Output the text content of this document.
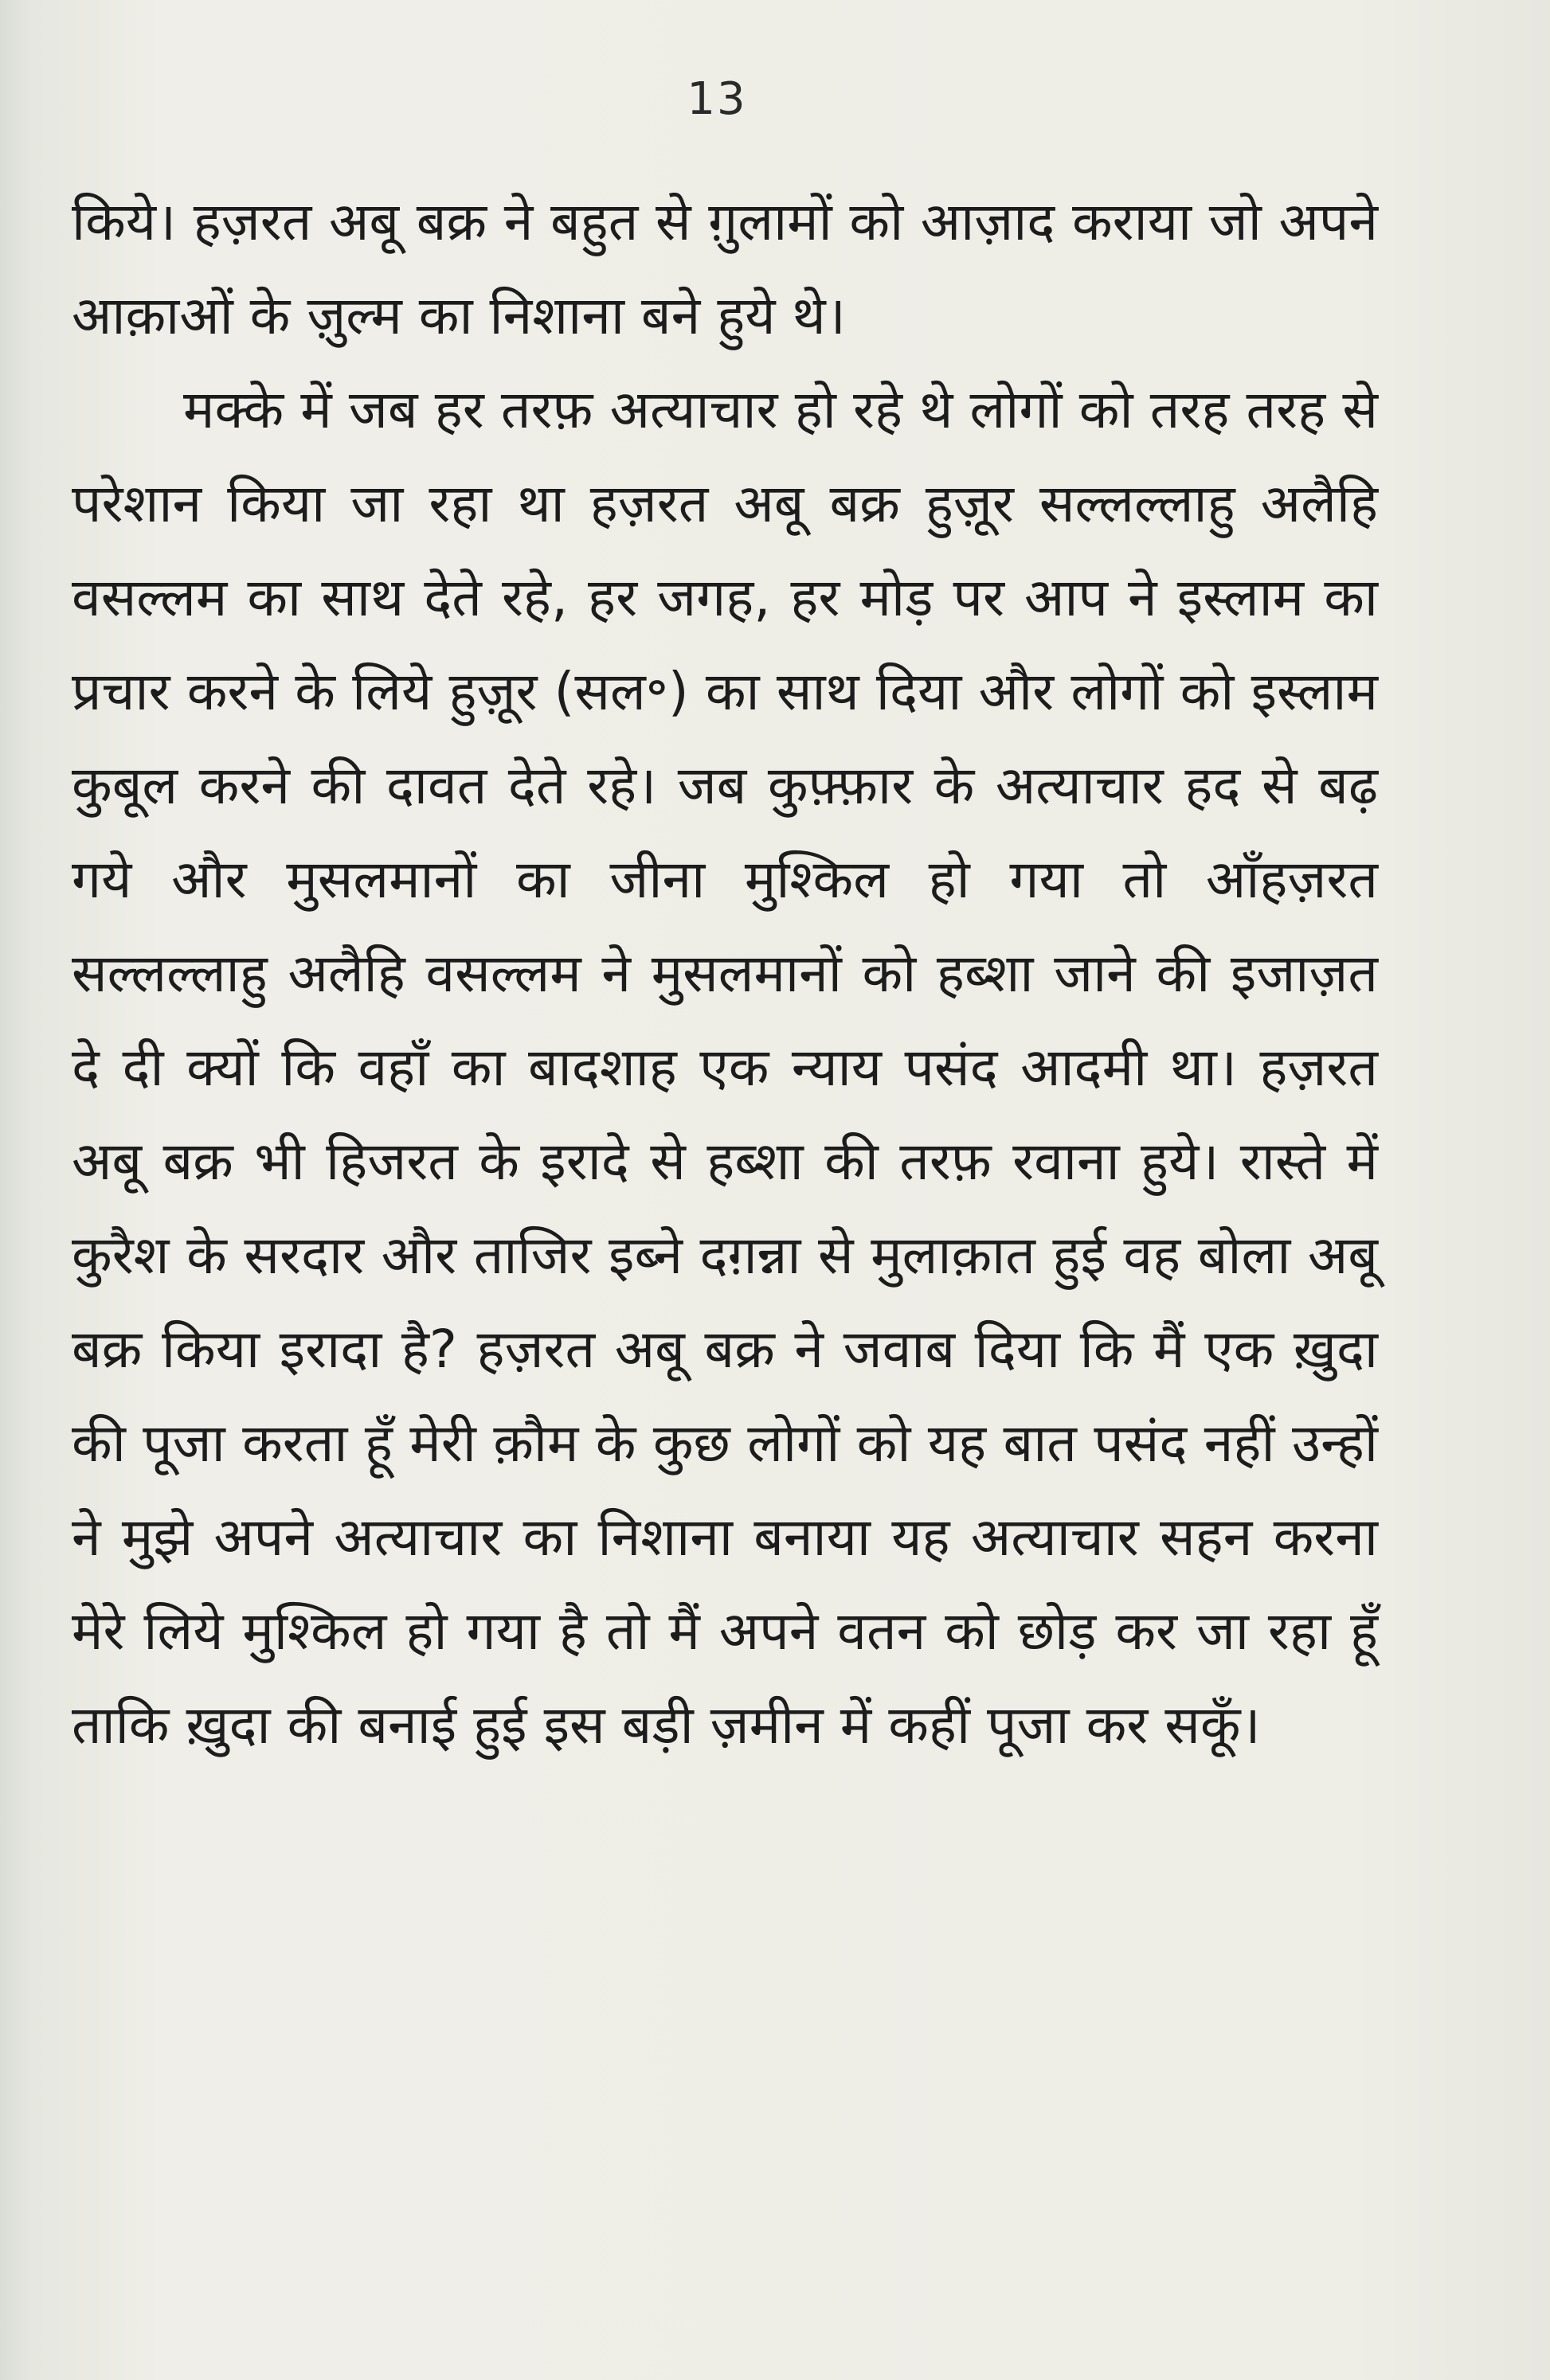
13

किये। हज़रत अबू बक्र ने बहुत से ग़ुलामों को आज़ाद कराया जो अपने आक़ाओं के ज़ुल्म का निशाना बने हुये थे।

मक्के में जब हर तरफ़ अत्याचार हो रहे थे लोगों को तरह तरह से परेशान किया जा रहा था हज़रत अबू बक्र हुज़ूर सल्लल्लाहु अलैहि वसल्लम का साथ देते रहे, हर जगह, हर मोड़ पर आप ने इस्लाम का प्रचार करने के लिये हुज़ूर (सल॰) का साथ दिया और लोगों को इस्लाम कुबूल करने की दावत देते रहे। जब कुफ़्फ़ार के अत्याचार हद से बढ़ गये और मुसलमानों का जीना मुश्किल हो गया तो आँहज़रत सल्लल्लाहु अलैहि वसल्लम ने मुसलमानों को हब्शा जाने की इजाज़त दे दी क्यों कि वहाँ का बादशाह एक न्याय पसंद आदमी था। हज़रत अबू बक्र भी हिजरत के इरादे से हब्शा की तरफ़ रवाना हुये। रास्ते में कुरैश के सरदार और ताजिर इब्ने दग़न्ना से मुलाक़ात हुई वह बोला अबू बक्र किया इरादा है? हज़रत अबू बक्र ने जवाब दिया कि मैं एक ख़ुदा की पूजा करता हूँ मेरी क़ौम के कुछ लोगों को यह बात पसंद नहीं उन्हों ने मुझे अपने अत्याचार का निशाना बनाया यह अत्याचार सहन करना मेरे लिये मुश्किल हो गया है तो मैं अपने वतन को छोड़ कर जा रहा हूँ ताकि ख़ुदा की बनाई हुई इस बड़ी ज़मीन में कहीं पूजा कर सकूँ।
